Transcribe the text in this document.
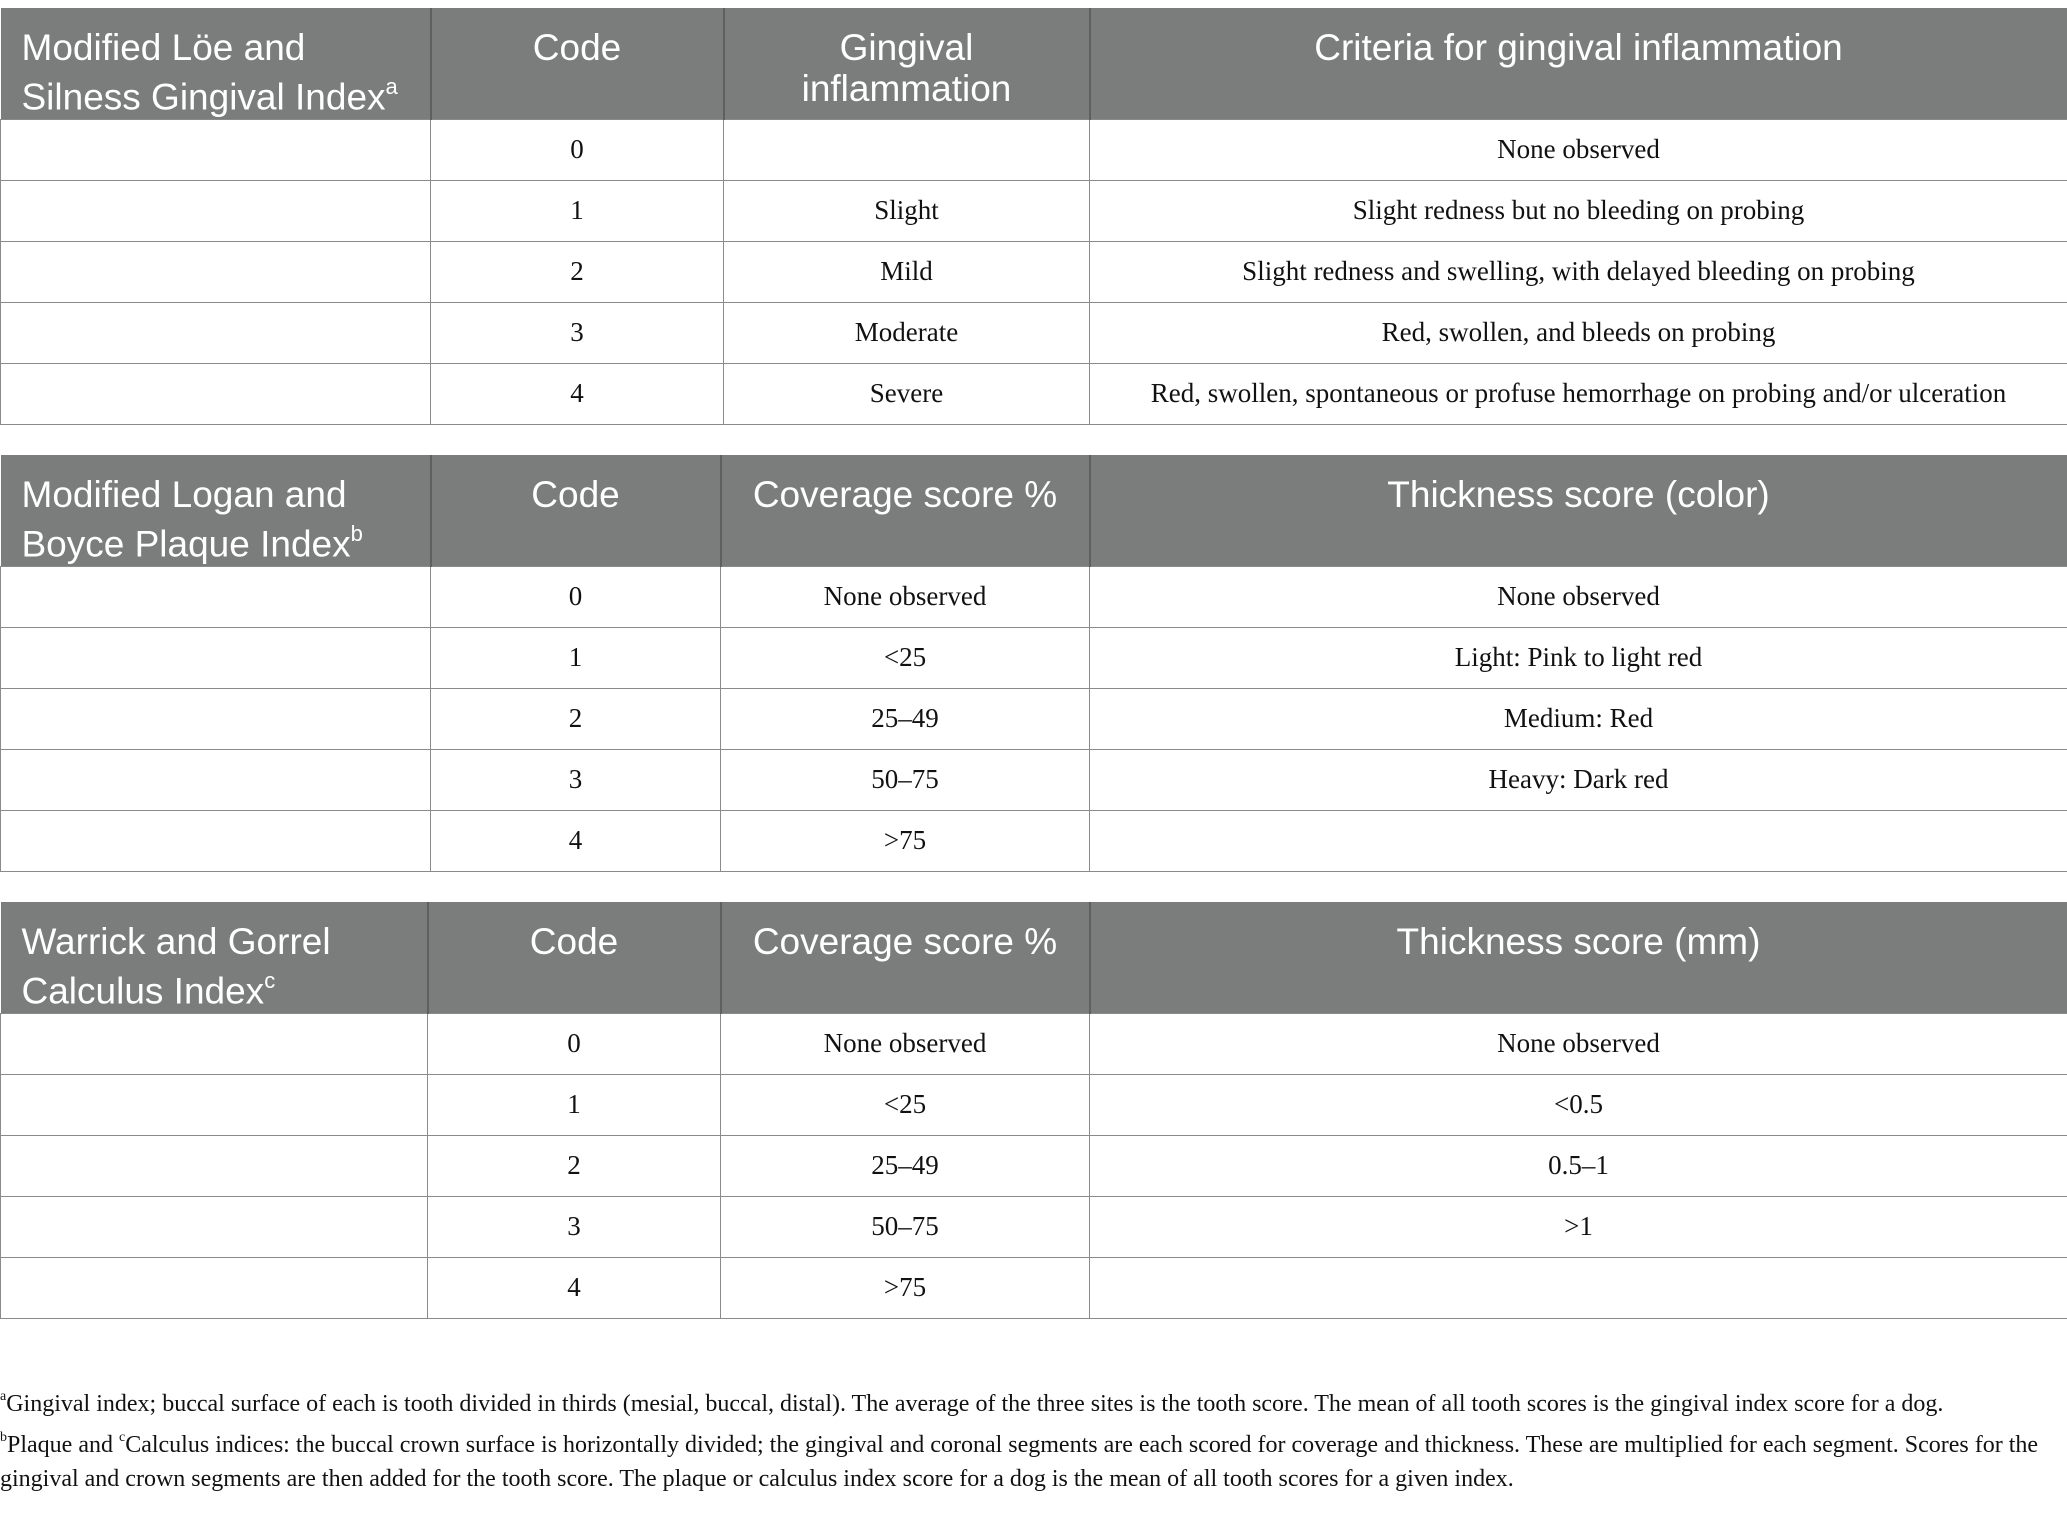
Modified Löe and Silness Gingival Index$^a$	Code	Gingival inflammation	Criteria for gingival inflammation
	0		None observed
	1	Slight	Slight redness but no bleeding on probing
	2	Mild	Slight redness and swelling, with delayed bleeding on probing
	3	Moderate	Red, swollen, and bleeds on probing
	4	Severe	Red, swollen, spontaneous or profuse hemorrhage on probing and/or ulceration
Modified Logan and Boyce Plaque Index$^b$	Code	Coverage score %	Thickness score (color)
	0	None observed	None observed
	1	<25	Light: Pink to light red
	2	25–49	Medium: Red
	3	50–75	Heavy: Dark red
	4	>75	
Warrick and Gorrel Calculus Index$^c$	Code	Coverage score %	Thickness score (mm)
	0	None observed	None observed
	1	<25	<0.5
	2	25–49	0.5–1
	3	50–75	>1
	4	>75	

$^a$Gingival index; buccal surface of each is tooth divided in thirds (mesial, buccal, distal). The average of the three sites is the tooth score. The mean of all tooth scores is the gingival index score for a dog.

$^b$Plaque and $^c$Calculus indices: the buccal crown surface is horizontally divided; the gingival and coronal segments are each scored for coverage and thickness. These are multiplied for each segment. Scores for the gingival and crown segments are then added for the tooth score. The plaque or calculus index score for a dog is the mean of all tooth scores for a given index.
